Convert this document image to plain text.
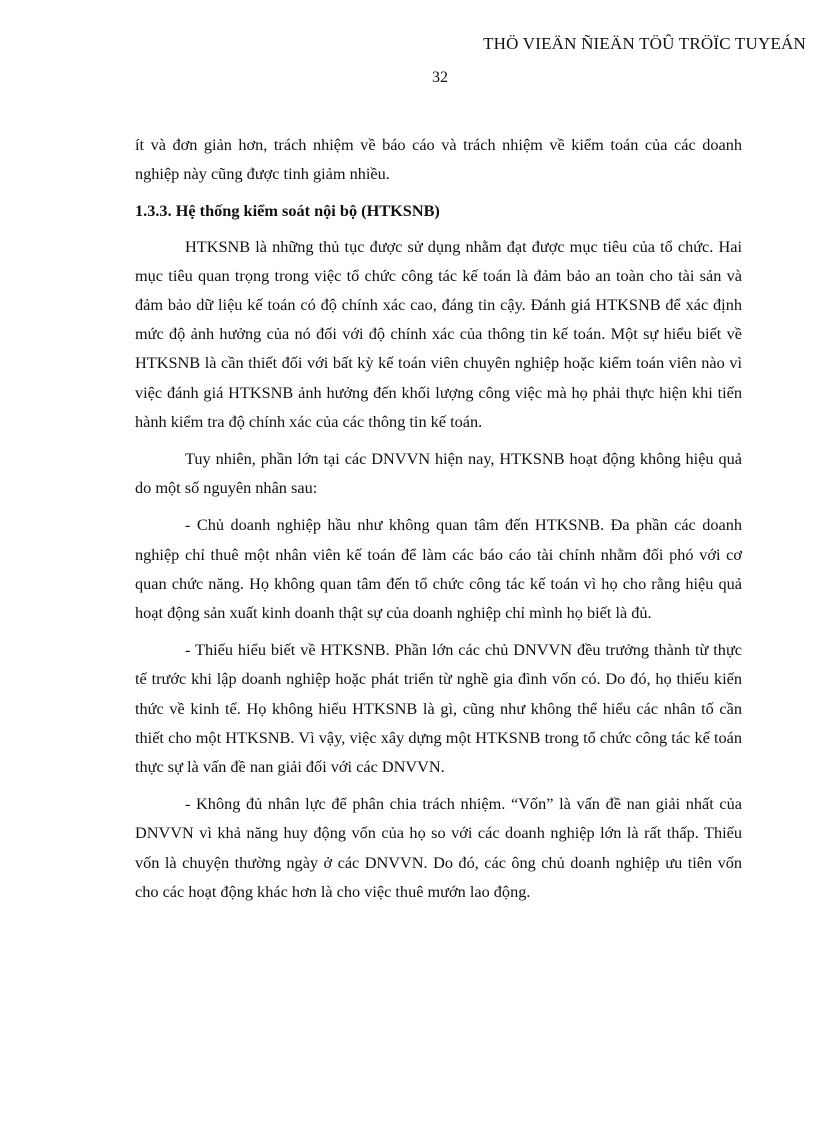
THÖ VIEÄN ÑIEÄN TÖÛ TRÖÏC TUYEÁN
32

ít và đơn giản hơn, trách nhiệm về báo cáo và trách nhiệm về kiểm toán của các doanh nghiệp này cũng được tinh giảm nhiều.

1.3.3. Hệ thống kiểm soát nội bộ (HTKSNB)

HTKSNB là những thủ tục được sử dụng nhằm đạt được mục tiêu của tổ chức. Hai mục tiêu quan trọng trong việc tổ chức công tác kế toán là đảm bảo an toàn cho tài sản và đảm bảo dữ liệu kế toán có độ chính xác cao, đáng tin cậy. Đánh giá HTKSNB để xác định mức độ ảnh hưởng của nó đối với độ chính xác của thông tin kế toán. Một sự hiểu biết về HTKSNB là cần thiết đối với bất kỳ kế toán viên chuyên nghiệp hoặc kiểm toán viên nào vì việc đánh giá HTKSNB ảnh hưởng đến khối lượng công việc mà họ phải thực hiện khi tiến hành kiểm tra độ chính xác của các thông tin kế toán.

Tuy nhiên, phần lớn tại các DNVVN hiện nay, HTKSNB hoạt động không hiệu quả do một số nguyên nhân sau:

- Chủ doanh nghiệp hầu như không quan tâm đến HTKSNB. Đa phần các doanh nghiệp chỉ thuê một nhân viên kế toán để làm các báo cáo tài chính nhằm đối phó với cơ quan chức năng. Họ không quan tâm đến tổ chức công tác kế toán vì họ cho rằng hiệu quả hoạt động sản xuất kinh doanh thật sự của doanh nghiệp chỉ mình họ biết là đủ.

- Thiếu hiểu biết về HTKSNB. Phần lớn các chủ DNVVN đều trưởng thành từ thực tế trước khi lập doanh nghiệp hoặc phát triển từ nghề gia đình vốn có. Do đó, họ thiếu kiến thức về kinh tế. Họ không hiểu HTKSNB là gì, cũng như không thể hiểu các nhân tố cần thiết cho một HTKSNB. Vì vậy, việc xây dựng một HTKSNB trong tổ chức công tác kế toán thực sự là vấn đề nan giải đối với các DNVVN.

- Không đủ nhân lực để phân chia trách nhiệm. “Vốn” là vấn đề nan giải nhất của DNVVN vì khả năng huy động vốn của họ so với các doanh nghiệp lớn là rất thấp. Thiếu vốn là chuyện thường ngày ở các DNVVN. Do đó, các ông chủ doanh nghiệp ưu tiên vốn cho các hoạt động khác hơn là cho việc thuê mướn lao động.
